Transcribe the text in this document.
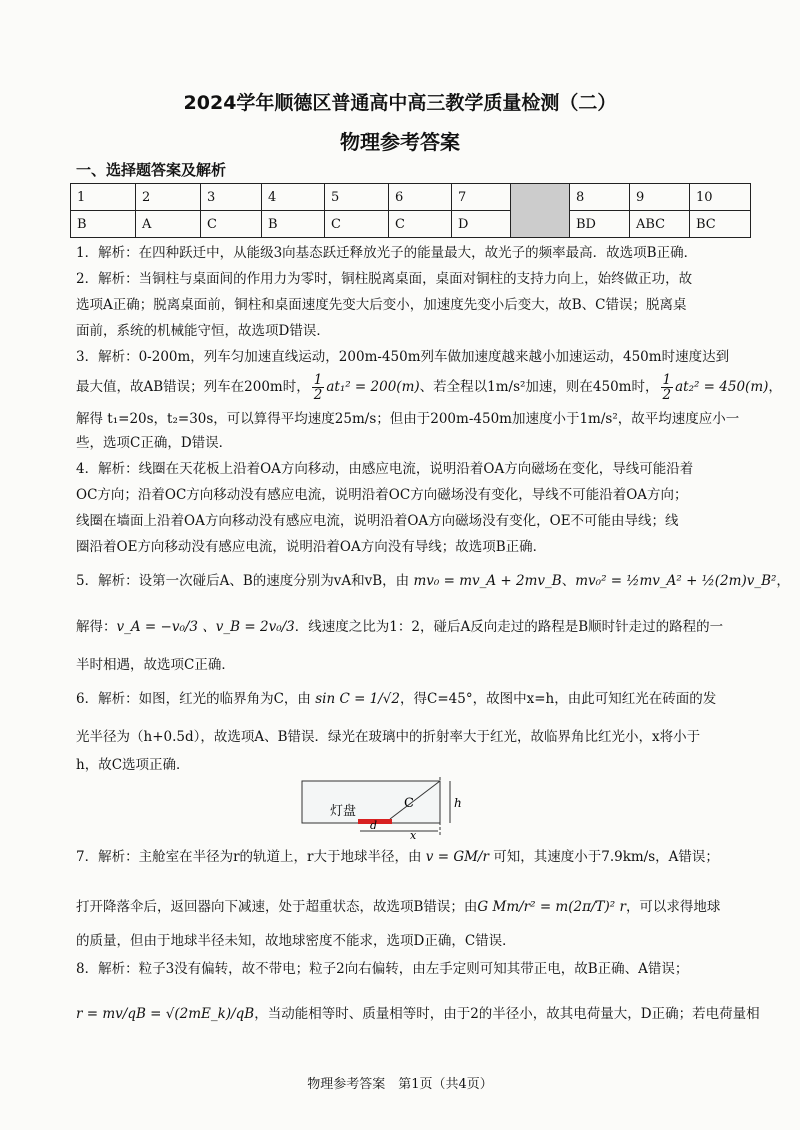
2024学年顺德区普通高中高三教学质量检测（二）
物理参考答案
一、选择题答案及解析
1	2	3	4	5	6	7		8	9	10
B	A	C	B	C	C	D		BD	ABC	BC
1．解析：在四种跃迁中，从能级3向基态跃迁释放光子的能量最大，故光子的频率最高．故选项B正确．
2．解析：当铜柱与桌面间的作用力为零时，铜柱脱离桌面，桌面对铜柱的支持力向上，始终做正功，故
选项A正确；脱离桌面前，铜柱和桌面速度先变大后变小，加速度先变小后变大，故B、C错误；脱离桌
面前，系统的机械能守恒，故选项D错误．
3．解析：0-200m，列车匀加速直线运动，200m-450m列车做加速度越来越小加速运动，450m时速度达到
最大值，故AB错误；列车在200m时， $\frac{1}{2} at_1^2 = 200(m)$、若全程以1m/s²加速，则在450m时， $\frac{1}{2} at_2^2 = 450(m)$，
解得 t₁=20s，t₂=30s，可以算得平均速度25m/s；但由于200m-450m加速度小于1m/s²，故平均速度应小一
些，选项C正确，D错误．
4．解析：线圈在天花板上沿着OA方向移动，由感应电流，说明沿着OA方向磁场在变化，导线可能沿着
OC方向；沿着OC方向移动没有感应电流，说明沿着OC方向磁场没有变化，导线不可能沿着OA方向；
线圈在墙面上沿着OA方向移动没有感应电流，说明沿着OA方向磁场没有变化，OE不可能由导线；线
圈沿着OE方向移动没有感应电流，说明沿着OA方向没有导线；故选项B正确．
5．解析：设第一次碰后A、B的速度分别为vA和vB，由 mv₀ = mv_A + 2mv_B、mv₀² = ½mv_A² + ½(2m)v_B²，
解得：v_A = −v₀/3 、v_B = 2v₀/3．线速度之比为1：2，碰后A反向走过的路程是B顺时针走过的路程的一
半时相遇，故选项C正确．
6．解析：如图，红光的临界角为C，由 sin C = 1/√2，得C=45°，故图中x=h，由此可知红光在砖面的发
光半径为（h+0.5d），故选项A、B错误．绿光在玻璃中的折射率大于红光，故临界角比红光小，x将小于
h，故C选项正确．
灯盘
C	h
d
x
7．解析：主舱室在半径为r的轨道上，r大于地球半径，由 v = GM/r 可知，其速度小于7.9km/s，A错误；
打开降落伞后，返回器向下减速，处于超重状态，故选项B错误；由G Mm/r² = m(2π/T)² r，可以求得地球
的质量，但由于地球半径未知，故地球密度不能求，选项D正确，C错误．
8．解析：粒子3没有偏转，故不带电；粒子2向右偏转，由左手定则可知其带正电，故B正确、A错误；
r = mv/qB = √(2mE_k)/qB，当动能相等时、质量相等时，由于2的半径小，故其电荷量大，D正确；若电荷量相
物理参考答案　第1页（共4页）
